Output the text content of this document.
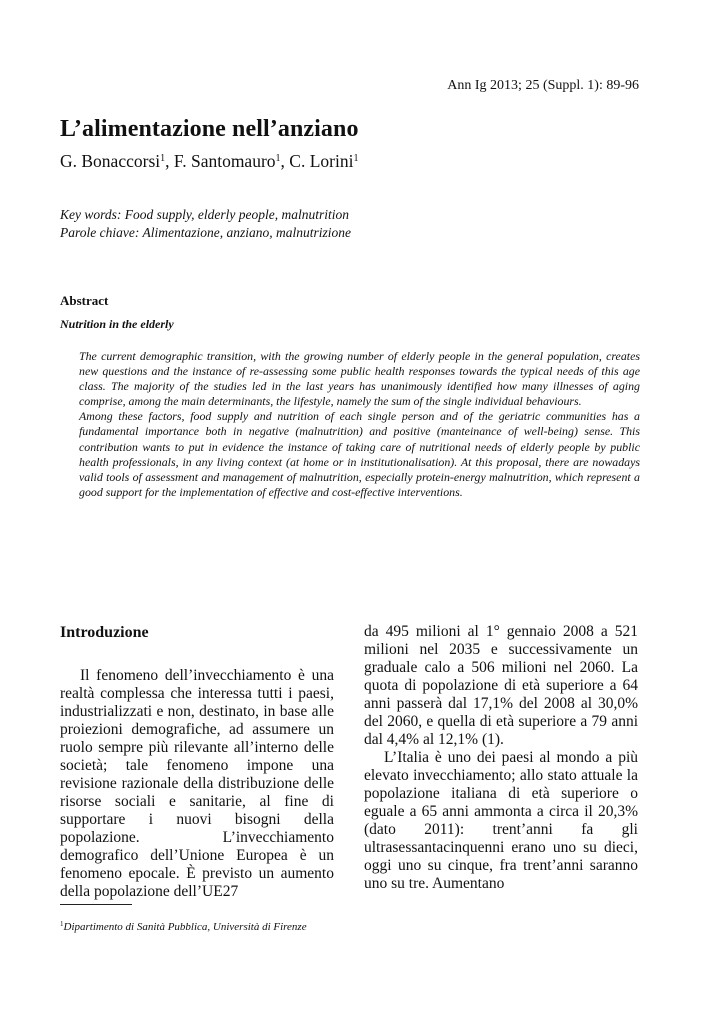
Ann Ig 2013; 25 (Suppl. 1): 89-96
L’alimentazione nell’anziano
G. Bonaccorsi$^1$, F. Santomauro$^1$, C. Lorini$^1$
Key words: Food supply, elderly people, malnutrition
Parole chiave: Alimentazione, anziano, malnutrizione
Abstract
Nutrition in the elderly

The current demographic transition, with the growing number of elderly people in the general population, creates new questions and the instance of re-assessing some public health responses towards the typical needs of this age class. The majority of the studies led in the last years has unanimously identified how many illnesses of aging comprise, among the main determinants, the lifestyle, namely the sum of the single individual behaviours.

Among these factors, food supply and nutrition of each single person and of the geriatric communities has a fundamental importance both in negative (malnutrition) and positive (manteinance of well-being) sense. This contribution wants to put in evidence the instance of taking care of nutritional needs of elderly people by public health professionals, in any living context (at home or in institutionalisation). At this proposal, there are nowadays valid tools of assessment and management of malnutrition, especially protein-energy malnutrition, which represent a good support for the implementation of effective and cost-effective interventions.

Introduzione

Il fenomeno dell’invecchiamento è una realtà complessa che interessa tutti i paesi, industrializzati e non, destinato, in base alle proiezioni demografiche, ad assumere un ruolo sempre più rilevante all’interno delle società; tale fenomeno impone una revisione razionale della distribuzione delle risorse sociali e sanitarie, al fine di supportare i nuovi bisogni della popolazione. L’invecchiamento demografico dell’Unione Europea è un fenomeno epocale. È previsto un aumento della popolazione dell’UE27

da 495 milioni al 1° gennaio 2008 a 521 milioni nel 2035 e successivamente un graduale calo a 506 milioni nel 2060. La quota di popolazione di età superiore a 64 anni passerà dal 17,1% del 2008 al 30,0% del 2060, e quella di età superiore a 79 anni dal 4,4% al 12,1% (1).

L’Italia è uno dei paesi al mondo a più elevato invecchiamento; allo stato attuale la popolazione italiana di età superiore o eguale a 65 anni ammonta a circa il 20,3% (dato 2011): trent’anni fa gli ultrasessantacinquenni erano uno su dieci, oggi uno su cinque, fra trent’anni saranno uno su tre. Aumentano

$^1$Dipartimento di Sanità Pubblica, Università di Firenze
